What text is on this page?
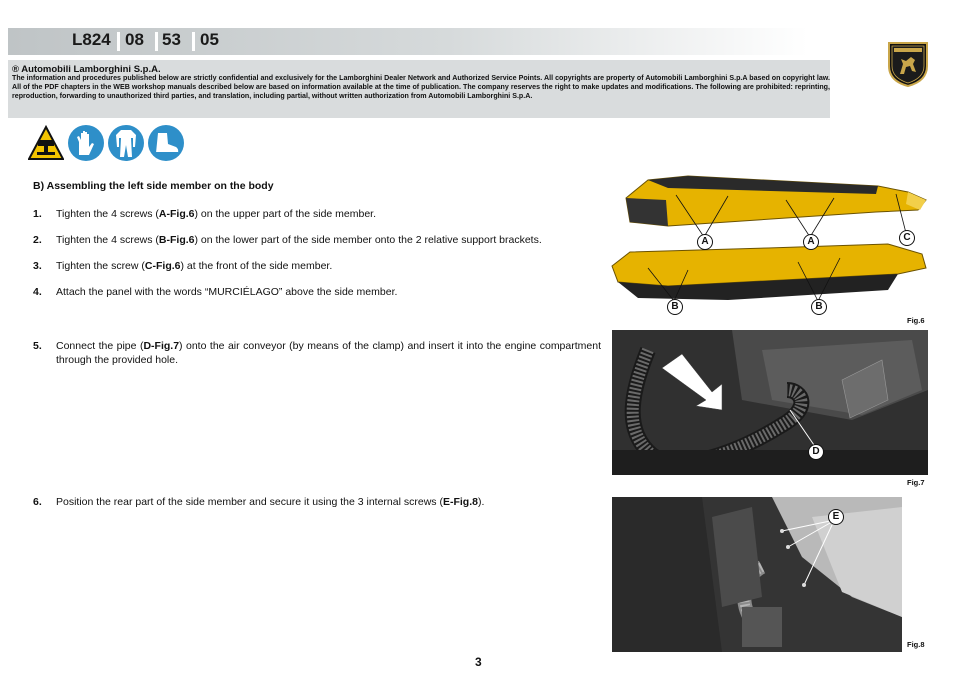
L824 08 53 05
® Automobili Lamborghini S.p.A.
The information and procedures published below are strictly confidential and exclusively for the Lamborghini Dealer Network and Authorized Service Points. All copyrights are property of Automobili Lamborghini S.p.A based on copyright law. All of the PDF chapters in the WEB workshop manuals described below are based on information available at the time of publication. The company reserves the right to make updates and modifications. The following are prohibited: reprinting, reproduction, forwarding to unauthorized third parties, and translation, including partial, without written authorization from Automobili Lamborghini S.p.A.
B) Assembling the left side member on the body
1. Tighten the 4 screws (A-Fig.6) on the upper part of the side member.
2. Tighten the 4 screws (B-Fig.6) on the lower part of the side member onto the 2 relative support brackets.
3. Tighten the screw (C-Fig.6) at the front of the side member.
4. Attach the panel with the words “MURCIÉLAGO” above the side member.
5. Connect the pipe (D-Fig.7) onto the air conveyor (by means of the clamp) and insert it into the engine compartment through the provided hole.
6. Position the rear part of the side member and secure it using the 3 internal screws (E-Fig.8).
A	A	C
B	B
Fig.6
D
Fig.7
E
Fig.8
3
